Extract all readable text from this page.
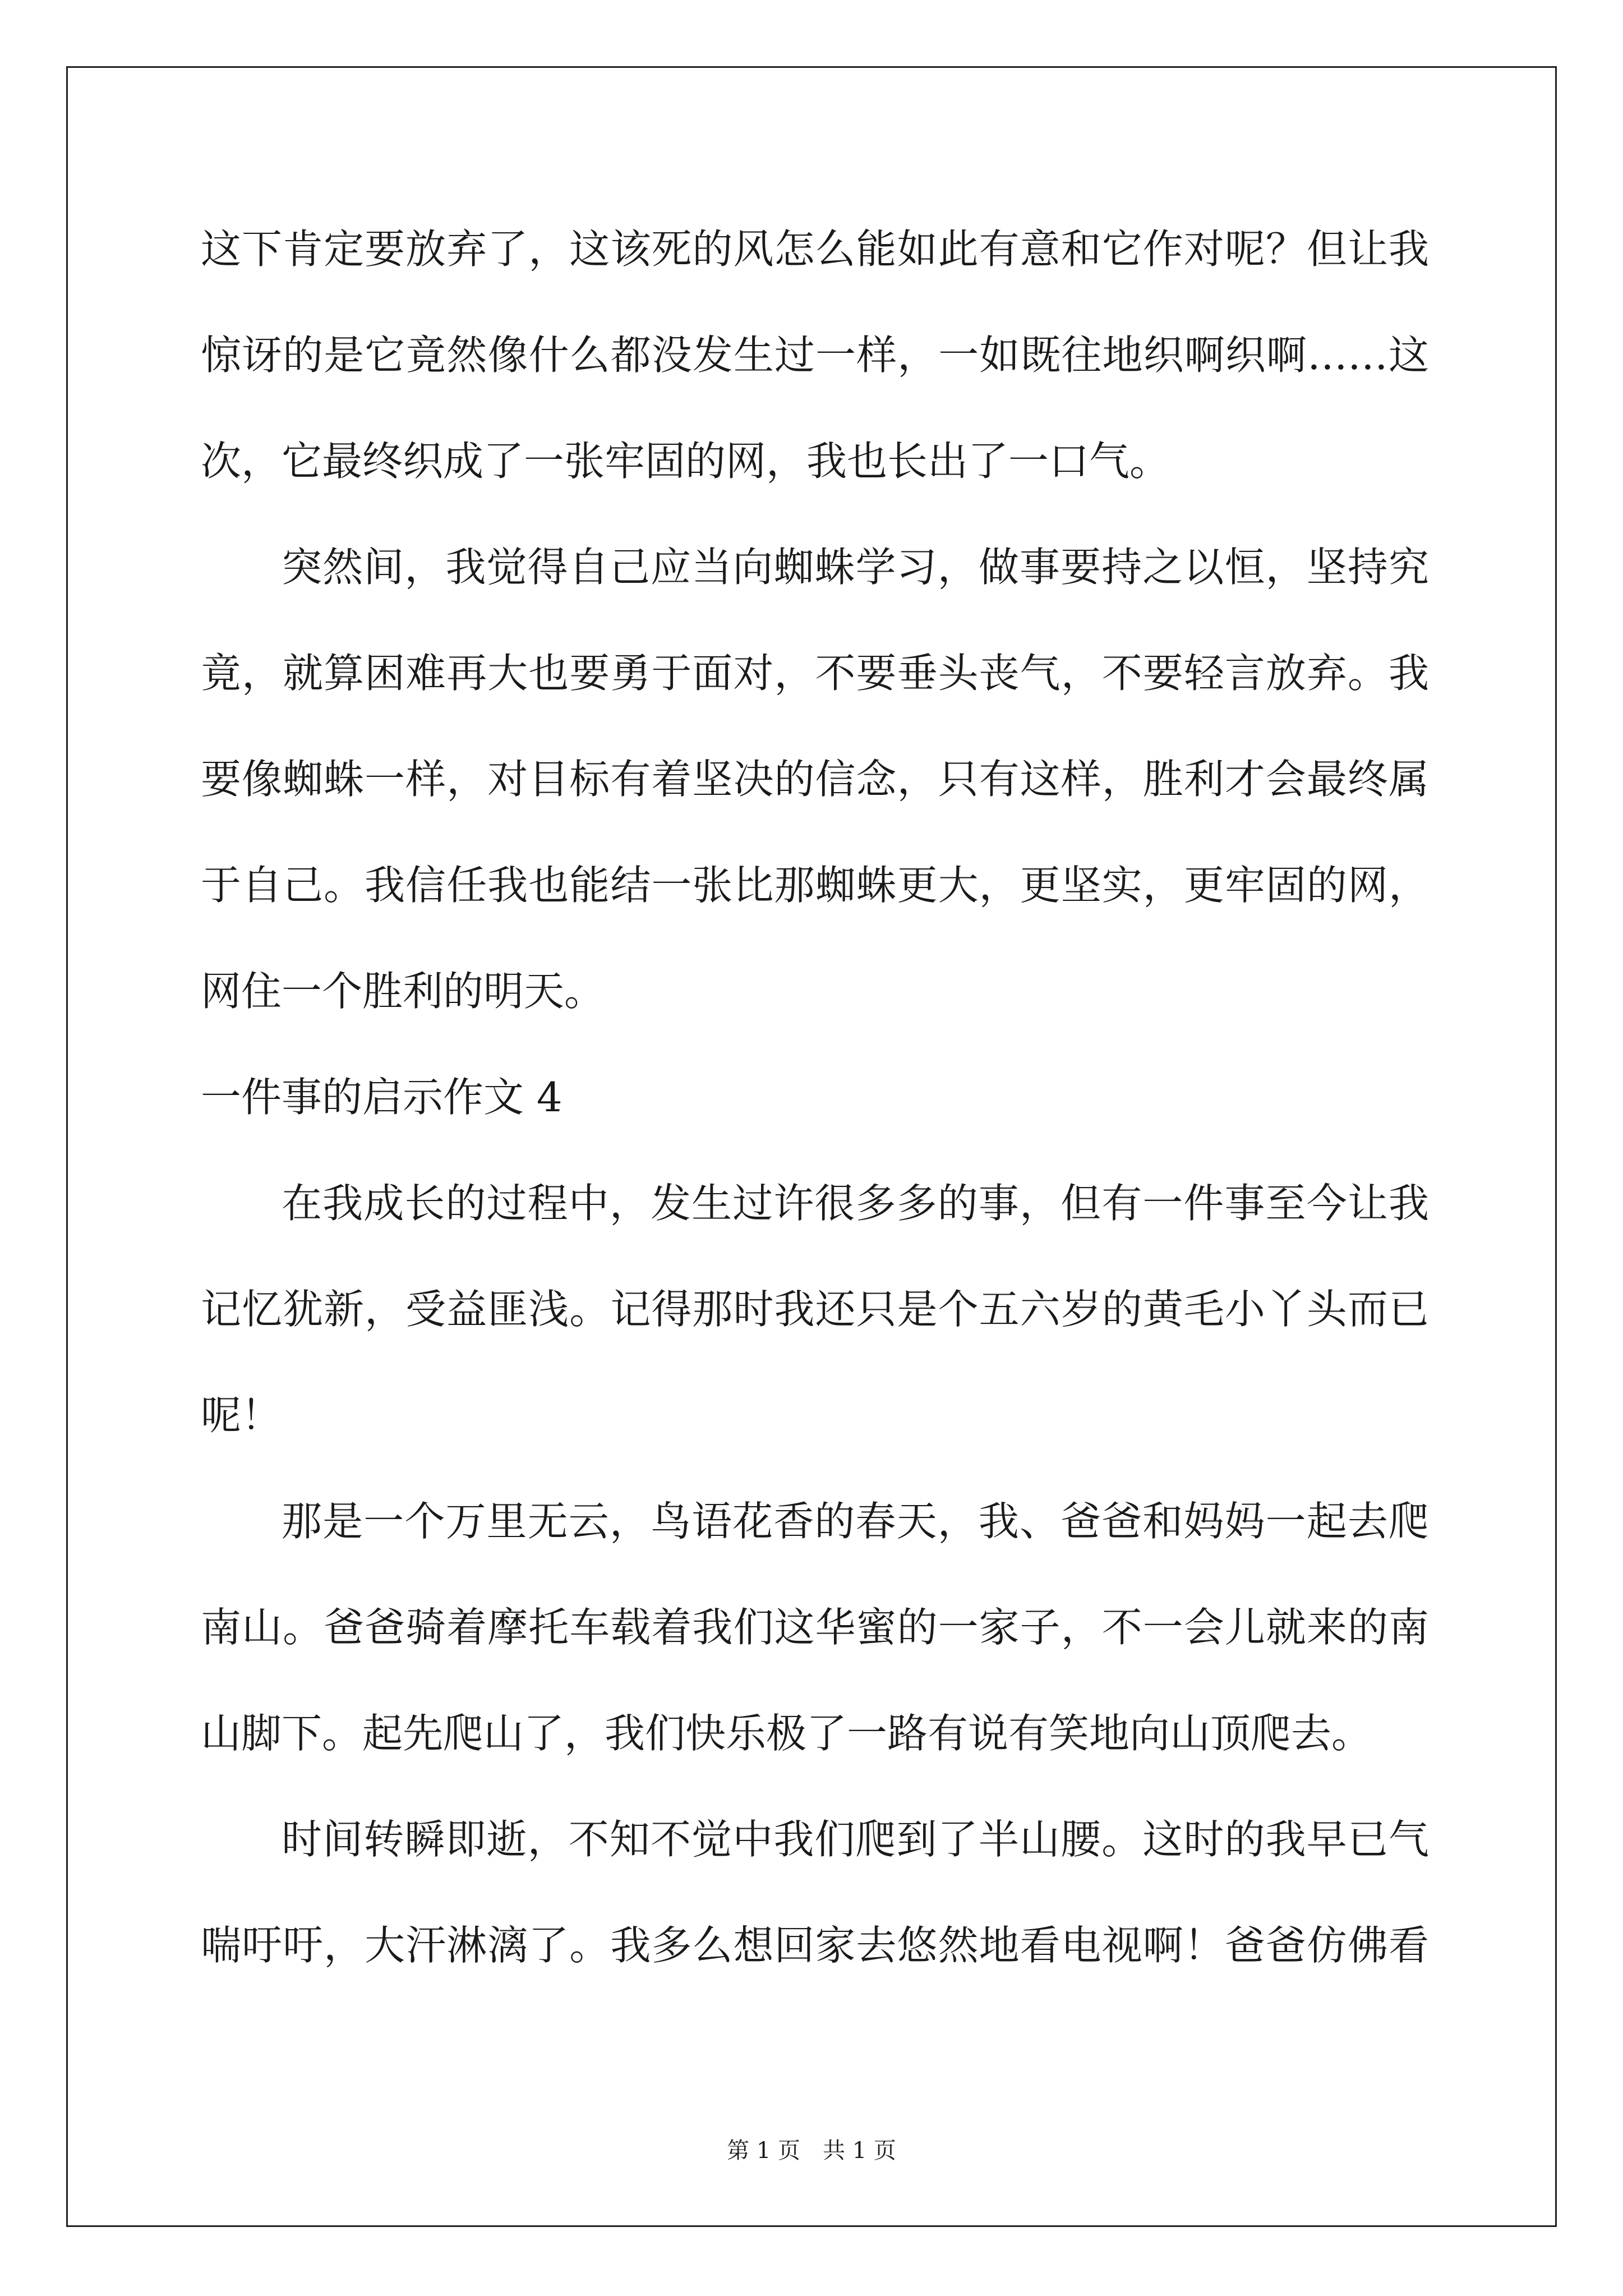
这下肯定要放弃了，这该死的风怎么能如此有意和它作对呢？但让我

惊讶的是它竟然像什么都没发生过一样，一如既往地织啊织啊……这

次，它最终织成了一张牢固的网，我也长出了一口气。

突然间，我觉得自己应当向蜘蛛学习，做事要持之以恒，坚持究

竟，就算困难再大也要勇于面对，不要垂头丧气，不要轻言放弃。我

要像蜘蛛一样，对目标有着坚决的信念，只有这样，胜利才会最终属

于自己。我信任我也能结一张比那蜘蛛更大，更坚实，更牢固的网，

网住一个胜利的明天。

一件事的启示作文 4

在我成长的过程中，发生过许很多多的事，但有一件事至今让我

记忆犹新，受益匪浅。记得那时我还只是个五六岁的黄毛小丫头而已

呢！

那是一个万里无云，鸟语花香的春天，我、爸爸和妈妈一起去爬

南山。爸爸骑着摩托车载着我们这华蜜的一家子，不一会儿就来的南

山脚下。起先爬山了，我们快乐极了一路有说有笑地向山顶爬去。

时间转瞬即逝，不知不觉中我们爬到了半山腰。这时的我早已气

喘吁吁，大汗淋漓了。我多么想回家去悠然地看电视啊！爸爸仿佛看

第 1 页　共 1 页
